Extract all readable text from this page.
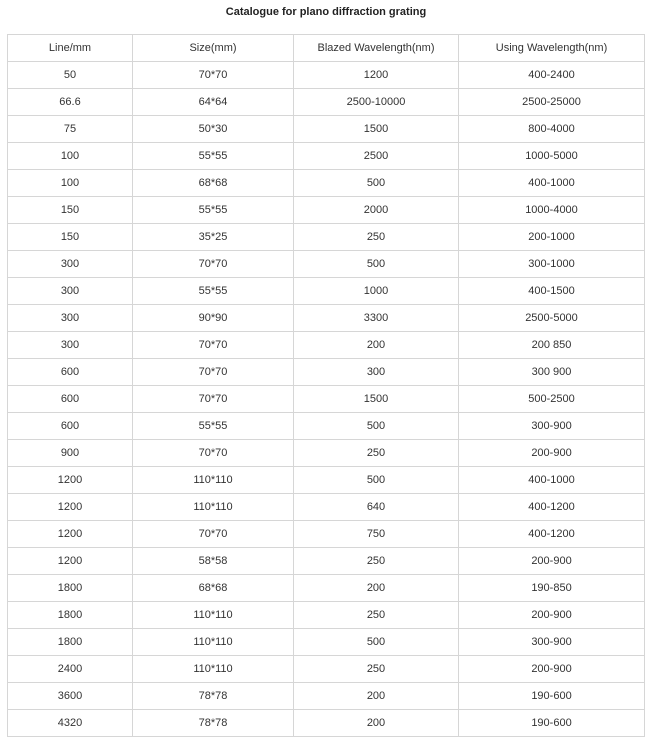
Catalogue for plano diffraction grating
Line/mm	Size(mm)	Blazed Wavelength(nm)	Using Wavelength(nm)
50	70*70	1200	400-2400
66.6	64*64	2500-10000	2500-25000
75	50*30	1500	800-4000
100	55*55	2500	1000-5000
100	68*68	500	400-1000
150	55*55	2000	1000-4000
150	35*25	250	200-1000
300	70*70	500	300-1000
300	55*55	1000	400-1500
300	90*90	3300	2500-5000
300	70*70	200	200 850
600	70*70	300	300 900
600	70*70	1500	500-2500
600	55*55	500	300-900
900	70*70	250	200-900
1200	110*110	500	400-1000
1200	110*110	640	400-1200
1200	70*70	750	400-1200
1200	58*58	250	200-900
1800	68*68	200	190-850
1800	110*110	250	200-900
1800	110*110	500	300-900
2400	110*110	250	200-900
3600	78*78	200	190-600
4320	78*78	200	190-600
